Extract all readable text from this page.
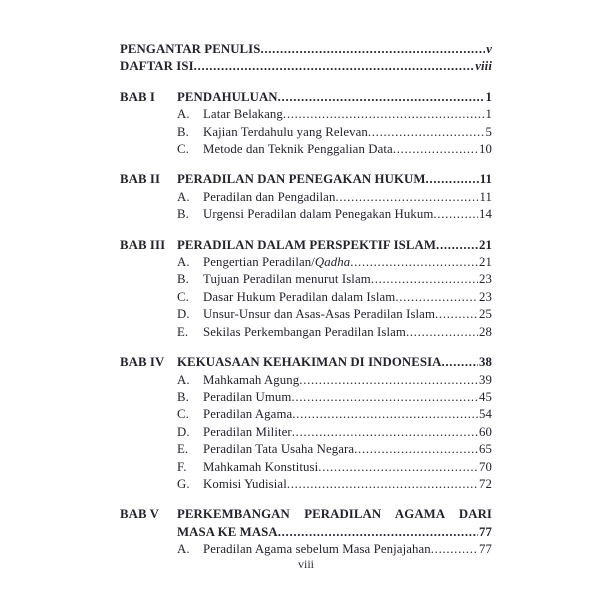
PENGANTAR PENULIS .....	v
DAFTAR ISI .....	viii
BAB I	PENDAHULUAN .....	1
A.	Latar Belakang .....	1
B.	Kajian Terdahulu yang Relevan .....	5
C.	Metode dan Teknik Penggalian Data .....	10
BAB II	PERADILAN DAN PENEGAKAN HUKUM .....	11
A.	Peradilan dan Pengadilan .....	11
B.	Urgensi Peradilan dalam Penegakan Hukum .....	14
BAB III PERADILAN DALAM PERSPEKTIF ISLAM .....	21
A.	Pengertian Peradilan/Qadha .....	21
B.	Tujuan Peradilan menurut Islam .....	23
C.	Dasar Hukum Peradilan dalam Islam .....	23
D.	Unsur-Unsur dan Asas-Asas Peradilan Islam .....	25
E.	Sekilas Perkembangan Peradilan Islam .....	28
BAB IV KEKUASAAN KEHAKIMAN DI INDONESIA .....	38
A.	Mahkamah Agung .....	39
B.	Peradilan Umum .....	45
C.	Peradilan Agama .....	54
D.	Peradilan Militer .....	60
E.	Peradilan Tata Usaha Negara .....	65
F.	Mahkamah Konstitusi .....	70
G.	Komisi Yudisial .....	72
BAB V	PERKEMBANGAN PERADILAN AGAMA DARI
MASA KE MASA .....	77
A.	Peradilan Agama sebelum Masa Penjajahan .....	77
viii
